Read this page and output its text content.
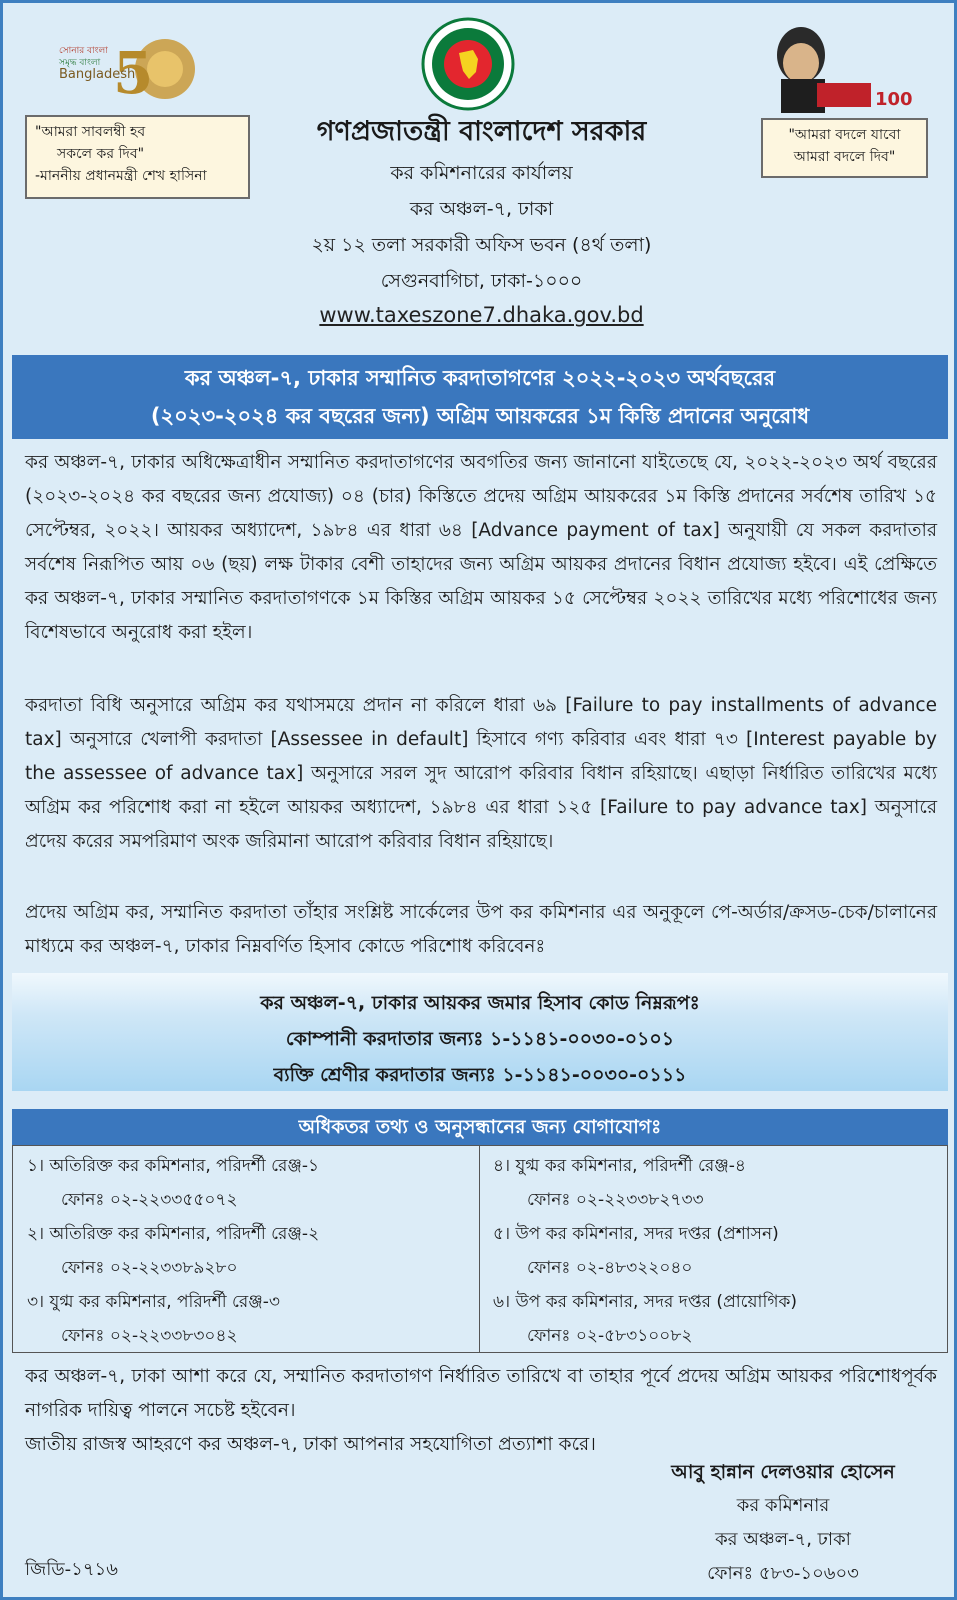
5
সোনার বাংলা
সমৃদ্ধ বাংলা
Bangladesh
100
"আমরা সাবলম্বী হব
সকলে কর দিব"
-মাননীয় প্রধানমন্ত্রী শেখ হাসিনা
"আমরা বদলে যাবো
আমরা বদলে দিব"
গণপ্রজাতন্ত্রী বাংলাদেশ সরকার
কর কমিশনারের কার্যালয়
কর অঞ্চল-৭, ঢাকা
২য় ১২ তলা সরকারী অফিস ভবন (৪র্থ তলা)
সেগুনবাগিচা, ঢাকা-১০০০
www.taxeszone7.dhaka.gov.bd
কর অঞ্চল-৭, ঢাকার সম্মানিত করদাতাগণের ২০২২-২০২৩ অর্থবছরের
(২০২৩-২০২৪ কর বছরের জন্য) অগ্রিম আয়করের ১ম কিস্তি প্রদানের অনুরোধ
কর অঞ্চল-৭, ঢাকার অধিক্ষেত্রাধীন সম্মানিত করদাতাগণের অবগতির জন্য জানানো যাইতেছে যে, ২০২২-২০২৩ অর্থ বছরের (২০২৩-২০২৪ কর বছরের জন্য প্রযোজ্য) ০৪ (চার) কিস্তিতে প্রদেয় অগ্রিম আয়করের ১ম কিস্তি প্রদানের সর্বশেষ তারিখ ১৫ সেপ্টেম্বর, ২০২২। আয়কর অধ্যাদেশ, ১৯৮৪ এর ধারা ৬৪ [Advance payment of tax] অনুযায়ী যে সকল করদাতার সর্বশেষ নিরূপিত আয় ০৬ (ছয়) লক্ষ টাকার বেশী তাহাদের জন্য অগ্রিম আয়কর প্রদানের বিধান প্রযোজ্য হইবে। এই প্রেক্ষিতে কর অঞ্চল-৭, ঢাকার সম্মানিত করদাতাগণকে ১ম কিস্তির অগ্রিম আয়কর ১৫ সেপ্টেম্বর ২০২২ তারিখের মধ্যে পরিশোধের জন্য বিশেষভাবে অনুরোধ করা হইল।
করদাতা বিধি অনুসারে অগ্রিম কর যথাসময়ে প্রদান না করিলে ধারা ৬৯ [Failure to pay installments of advance tax] অনুসারে খেলাপী করদাতা [Assessee in default] হিসাবে গণ্য করিবার এবং ধারা ৭৩ [Interest payable by the assessee of advance tax] অনুসারে সরল সুদ আরোপ করিবার বিধান রহিয়াছে। এছাড়া নির্ধারিত তারিখের মধ্যে অগ্রিম কর পরিশোধ করা না হইলে আয়কর অধ্যাদেশ, ১৯৮৪ এর ধারা ১২৫ [Failure to pay advance tax] অনুসারে প্রদেয় করের সমপরিমাণ অংক জরিমানা আরোপ করিবার বিধান রহিয়াছে।
প্রদেয় অগ্রিম কর, সম্মানিত করদাতা তাঁহার সংশ্লিষ্ট সার্কেলের উপ কর কমিশনার এর অনুকূলে পে-অর্ডার/ক্রসড-চেক/চালানের মাধ্যমে কর অঞ্চল-৭, ঢাকার নিম্নবর্ণিত হিসাব কোডে পরিশোধ করিবেনঃ
কর অঞ্চল-৭, ঢাকার আয়কর জমার হিসাব কোড নিম্নরূপঃ
কোম্পানী করদাতার জন্যঃ ১-১১৪১-০০৩০-০১০১
ব্যক্তি শ্রেণীর করদাতার জন্যঃ ১-১১৪১-০০৩০-০১১১
অধিকতর তথ্য ও অনুসন্ধানের জন্য যোগাযোগঃ
১। অতিরিক্ত কর কমিশনার, পরিদর্শী রেঞ্জ-১
ফোনঃ ০২-২২৩৩৫৫০৭২
২। অতিরিক্ত কর কমিশনার, পরিদর্শী রেঞ্জ-২
ফোনঃ ০২-২২৩৩৮৯২৮০
৩। যুগ্ম কর কমিশনার, পরিদর্শী রেঞ্জ-৩
ফোনঃ ০২-২২৩৩৮৩০৪২
৪। যুগ্ম কর কমিশনার, পরিদর্শী রেঞ্জ-৪
ফোনঃ ০২-২২৩৩৮২৭৩৩
৫। উপ কর কমিশনার, সদর দপ্তর (প্রশাসন)
ফোনঃ ০২-৪৮৩২২০৪০
৬। উপ কর কমিশনার, সদর দপ্তর (প্রায়োগিক)
ফোনঃ ০২-৫৮৩১০০৮২
কর অঞ্চল-৭, ঢাকা আশা করে যে, সম্মানিত করদাতাগণ নির্ধারিত তারিখে বা তাহার পূর্বে প্রদেয় অগ্রিম আয়কর পরিশোধপূর্বক নাগরিক দায়িত্ব পালনে সচেষ্ট হইবেন।
জাতীয় রাজস্ব আহরণে কর অঞ্চল-৭, ঢাকা আপনার সহযোগিতা প্রত্যাশা করে।
আবু হান্নান দেলওয়ার হোসেন
কর কমিশনার
কর অঞ্চল-৭, ঢাকা
ফোনঃ ৫৮৩-১০৬০৩
জিডি-১৭১৬
